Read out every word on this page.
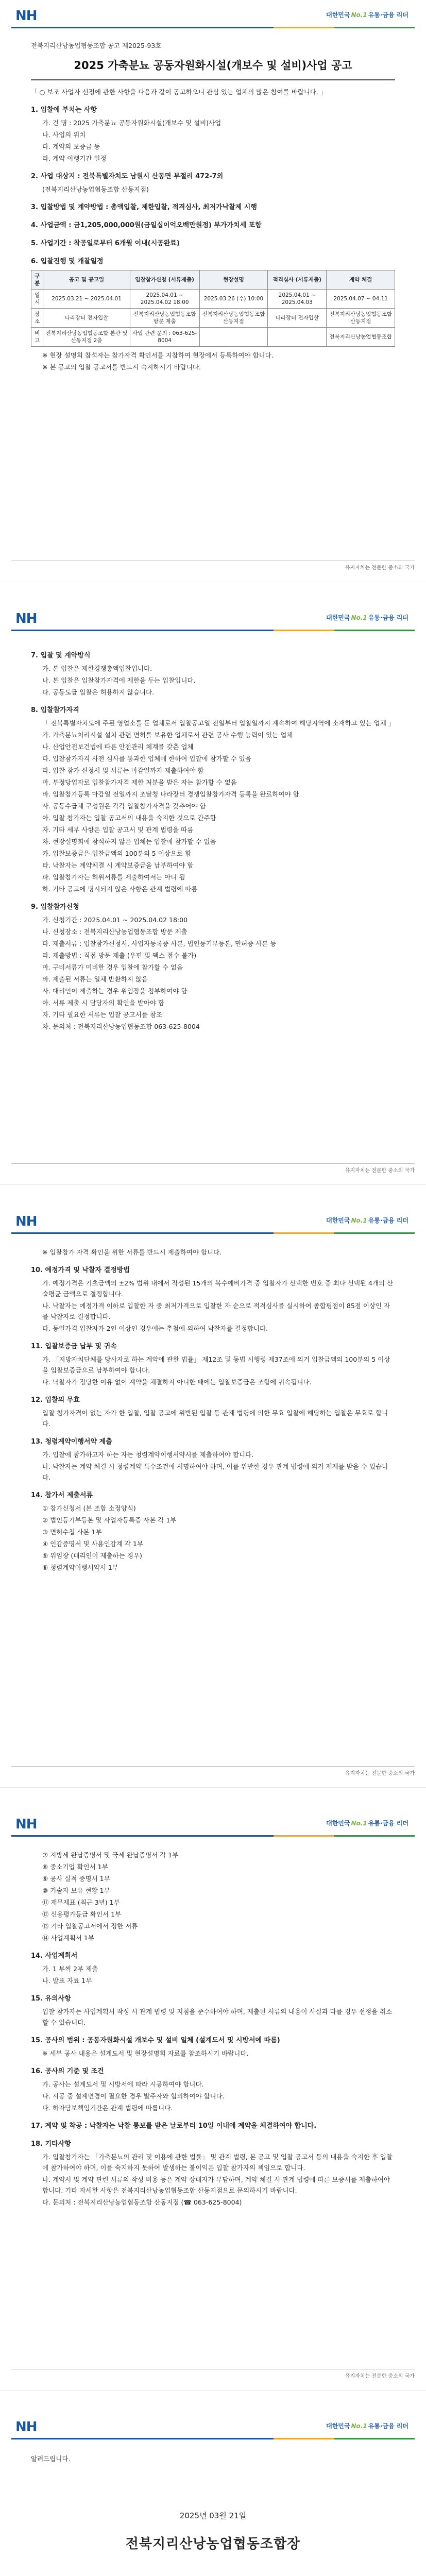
NH	대한민국 No.1 유통·금융 리더
전북지리산낭농업협동조합 공고 제2025-93호
2025 가축분뇨 공동자원화시설(개보수 및 설비)사업 공고
「 ○ 보조 사업자 선정에 관한 사항을 다음과 같이 공고하오니 관심 있는 업체의 많은 참여를 바랍니다. 」
1. 입찰에 부치는 사항
가. 건 명 : 2025 가축분뇨 공동자원화시설(개보수 및 설비)사업
나. 사업의 위치
다. 계약의 보증금 등
라. 계약 이행기간 일정
2. 사업 대상지 : 전북특별자치도 남원시 산동면 부절리 472-7외
(전북지리산낭농업협동조합 산동지점)
3. 입찰방법 및 계약방법 : 총액입찰, 제한입찰, 적격심사, 최저가낙찰제 시행
4. 사업금액 : 금1,205,000,000원(금일십이억오백만원정) 부가가치세 포함
5. 사업기간 : 착공일로부터 6개월 이내(시공완료)
6. 입찰진행 및 개찰일정
구분	공고 및 공고일	입찰참가신청 (서류제출)	현장설명	적격심사 (서류제출)	계약 체결
일시	2025.03.21 ~ 2025.04.01	2025.04.01 ~ 2025.04.02 18:00	2025.03.26 (수) 10:00	2025.04.01 ~ 2025.04.03	2025.04.07 ~ 04.11
장소	나라장터 전자입찰	전북지리산낭농업협동조합 방문 제출	전북지리산낭농업협동조합 산동지점	나라장터 전자입찰	전북지리산낭농업협동조합 산동지점
비고	전북지리산낭농업협동조합 본관 및 산동지점 2층	사업 관련 문의 : 063-625-8004			전북지리산낭농업협동조합
※ 현장 설명회 참석자는 참가자격 확인서를 지참하여 현장에서 등록하여야 합니다.
※ 본 공고의 입찰 공고서를 반드시 숙지하시기 바랍니다.
유지자치는 전문한 중소의 국가
NH	대한민국 No.1 유통·금융 리더
7. 입찰 및 계약방식
가. 본 입찰은 제한경쟁총액입찰입니다.
나. 본 입찰은 입찰참가자격에 제한을 두는 입찰입니다.
다. 공동도급 입찰은 허용하지 않습니다.
8. 입찰참가자격
「 전북특별자치도에 주된 영업소를 둔 업체로서 입찰공고일 전일부터 입찰일까지 계속하여 해당지역에 소재하고 있는 업체 」
가. 가축분뇨처리시설 설치 관련 면허를 보유한 업체로서 관련 공사 수행 능력이 있는 업체
나. 산업안전보건법에 따른 안전관리 체계를 갖춘 업체
다. 입찰참가자격 사전 심사를 통과한 업체에 한하여 입찰에 참가할 수 있음
라. 입찰 참가 신청서 및 서류는 마감일까지 제출하여야 함
마. 부정당업자로 입찰참가자격 제한 처분을 받은 자는 참가할 수 없음
바. 입찰참가등록 마감일 전일까지 조달청 나라장터 경쟁입찰참가자격 등록을 완료하여야 함
사. 공동수급체 구성원은 각각 입찰참가자격을 갖추어야 함
아. 입찰 참가자는 입찰 공고서의 내용을 숙지한 것으로 간주함
자. 기타 세부 사항은 입찰 공고서 및 관계 법령을 따름
차. 현장설명회에 참석하지 않은 업체는 입찰에 참가할 수 없음
카. 입찰보증금은 입찰금액의 100분의 5 이상으로 함
타. 낙찰자는 계약체결 시 계약보증금을 납부하여야 함
파. 입찰참가자는 허위서류를 제출하여서는 아니 됨
하. 기타 공고에 명시되지 않은 사항은 관계 법령에 따름
9. 입찰참가신청
가. 신청기간 : 2025.04.01 ~ 2025.04.02 18:00
나. 신청장소 : 전북지리산낭농업협동조합 방문 제출
다. 제출서류 : 입찰참가신청서, 사업자등록증 사본, 법인등기부등본, 면허증 사본 등
라. 제출방법 : 직접 방문 제출 (우편 및 팩스 접수 불가)
마. 구비서류가 미비한 경우 입찰에 참가할 수 없음
바. 제출된 서류는 일체 반환하지 않음
사. 대리인이 제출하는 경우 위임장을 첨부하여야 함
아. 서류 제출 시 담당자의 확인을 받아야 함
자. 기타 필요한 서류는 입찰 공고서를 참조
차. 문의처 : 전북지리산낭농업협동조합 063-625-8004
유지자치는 전문한 중소의 국가
NH	대한민국 No.1 유통·금융 리더
※ 입찰참가 자격 확인을 위한 서류를 반드시 제출하여야 합니다.
10. 예정가격 및 낙찰자 결정방법
가. 예정가격은 기초금액의 ±2% 범위 내에서 작성된 15개의 복수예비가격 중 입찰자가 선택한 번호 중 최다 선택된 4개의 산술평균 금액으로 결정합니다.
나. 낙찰자는 예정가격 이하로 입찰한 자 중 최저가격으로 입찰한 자 순으로 적격심사를 실시하여 종합평점이 85점 이상인 자를 낙찰자로 결정합니다.
다. 동일가격 입찰자가 2인 이상인 경우에는 추첨에 의하여 낙찰자를 결정합니다.
11. 입찰보증금 납부 및 귀속
가. 「지방자치단체를 당사자로 하는 계약에 관한 법률」 제12조 및 동법 시행령 제37조에 의거 입찰금액의 100분의 5 이상을 입찰보증금으로 납부하여야 합니다.
나. 낙찰자가 정당한 이유 없이 계약을 체결하지 아니한 때에는 입찰보증금은 조합에 귀속됩니다.
12. 입찰의 무효
입찰 참가자격이 없는 자가 한 입찰, 입찰 공고에 위반된 입찰 등 관계 법령에 의한 무효 입찰에 해당하는 입찰은 무효로 합니다.
13. 청렴계약이행서약 제출
가. 입찰에 참가하고자 하는 자는 청렴계약이행서약서를 제출하여야 합니다.
나. 낙찰자는 계약 체결 시 청렴계약 특수조건에 서명하여야 하며, 이를 위반한 경우 관계 법령에 의거 제재를 받을 수 있습니다.
14. 참가서 제출서류
① 참가신청서 (본 조합 소정양식)
② 법인등기부등본 및 사업자등록증 사본 각 1부
③ 면허수첩 사본 1부
④ 인감증명서 및 사용인감계 각 1부
⑤ 위임장 (대리인이 제출하는 경우)
⑥ 청렴계약이행서약서 1부
유지자치는 전문한 중소의 국가
NH	대한민국 No.1 유통·금융 리더
⑦ 지방세 완납증명서 및 국세 완납증명서 각 1부
⑧ 중소기업 확인서 1부
⑨ 공사 실적 증명서 1부
⑩ 기술자 보유 현황 1부
⑪ 재무제표 (최근 3년) 1부
⑫ 신용평가등급 확인서 1부
⑬ 기타 입찰공고서에서 정한 서류
⑭ 사업계획서 1부
14. 사업계획서
가. 1 부씩 2부 제출
나. 발표 자료 1부
15. 유의사항
입찰 참가자는 사업계획서 작성 시 관계 법령 및 지침을 준수하여야 하며, 제출된 서류의 내용이 사실과 다를 경우 선정을 취소할 수 있습니다.
15. 공사의 범위 : 공동자원화시설 개보수 및 설비 일체 (설계도서 및 시방서에 따름)
※ 세부 공사 내용은 설계도서 및 현장설명회 자료를 참조하시기 바랍니다.
16. 공사의 기준 및 조건
가. 공사는 설계도서 및 시방서에 따라 시공하여야 합니다.
나. 시공 중 설계변경이 필요한 경우 발주자와 협의하여야 합니다.
다. 하자담보책임기간은 관계 법령에 따릅니다.
17. 계약 및 착공 : 낙찰자는 낙찰 통보를 받은 날로부터 10일 이내에 계약을 체결하여야 합니다.
18. 기타사항
가. 입찰참가자는 「가축분뇨의 관리 및 이용에 관한 법률」 및 관계 법령, 본 공고 및 입찰 공고서 등의 내용을 숙지한 후 입찰에 참가하여야 하며, 이를 숙지하지 못하여 발생하는 불이익은 입찰 참가자의 책임으로 합니다.
나. 계약서 및 계약 관련 서류의 작성 비용 등은 계약 상대자가 부담하며, 계약 체결 시 관계 법령에 따른 보증서를 제출하여야 합니다. 기타 자세한 사항은 전북지리산낭농업협동조합 산동지점으로 문의하시기 바랍니다.
다. 문의처 : 전북지리산낭농업협동조합 산동지점 (☎ 063-625-8004)
유지자치는 전문한 중소의 국가
NH	대한민국 No.1 유통·금융 리더
알려드립니다.
2025년 03월 21일
전북지리산낭농업협동조합장
